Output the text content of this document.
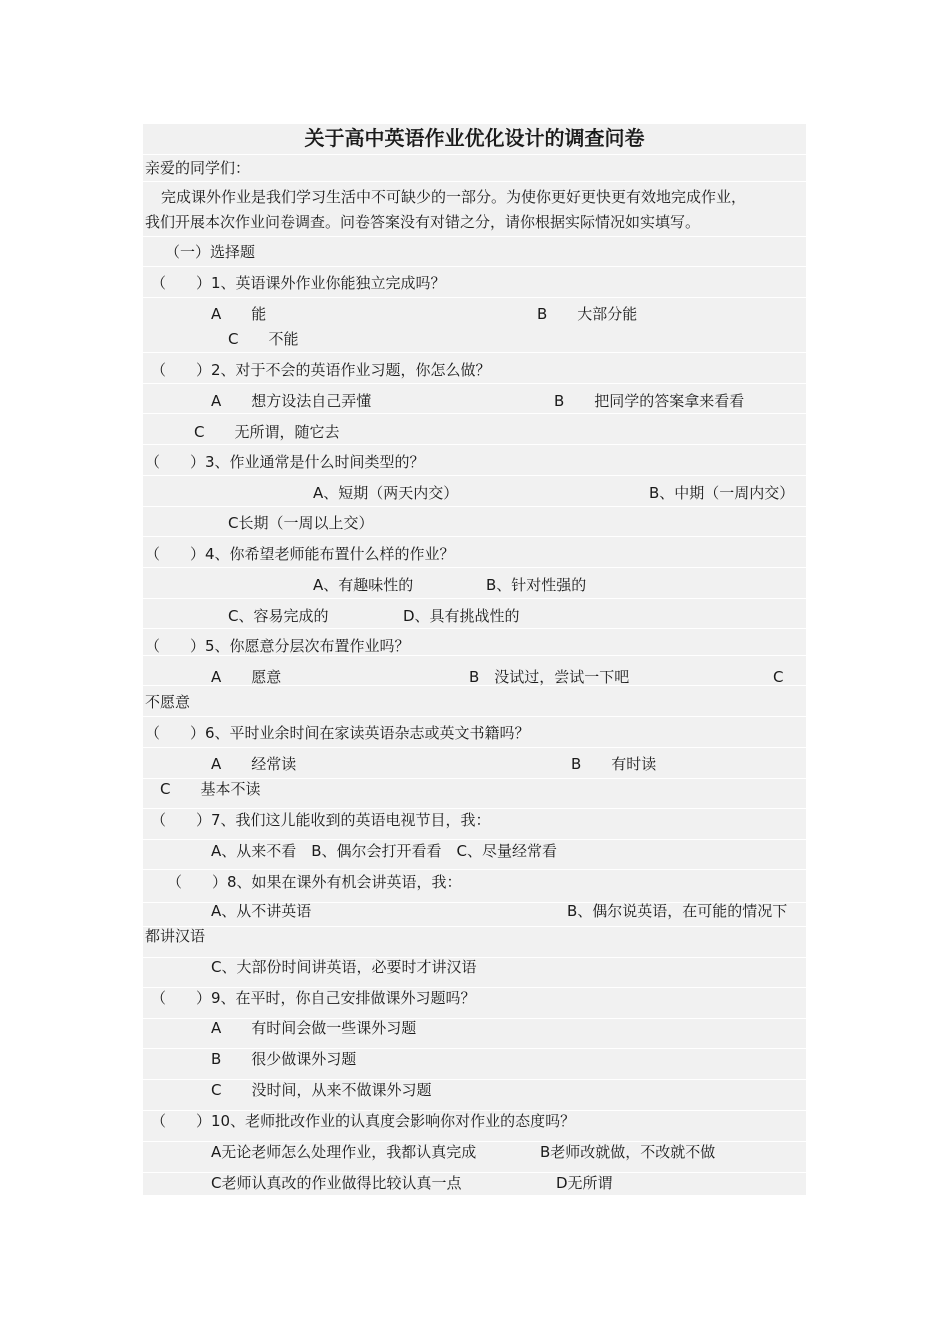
关于高中英语作业优化设计的调查问卷
亲爱的同学们：
完成课外作业是我们学习生活中不可缺少的一部分。为使你更好更快更有效地完成作业，
我们开展本次作业问卷调查。问卷答案没有对错之分，请你根据实际情况如实填写。
（一）选择题
（　　）1、英语课外作业你能独立完成吗？
A　　能	B　　大部分能
C　　不能
（　　）2、对于不会的英语作业习题，你怎么做？
A　　想方设法自己弄懂	B　　把同学的答案拿来看看
C　　无所谓，随它去
（　　）3、作业通常是什么时间类型的？
A、短期（两天内交）	B、中期（一周内交）
C长期（一周以上交）
（　　）4、你希望老师能布置什么样的作业？
A、有趣味性的	B、针对性强的
C、容易完成的	D、具有挑战性的
（　　）5、你愿意分层次布置作业吗？
A　　愿意	B　没试过，尝试一下吧	C
不愿意
（　　）6、平时业余时间在家读英语杂志或英文书籍吗？
A　　经常读	B　　有时读
C　　基本不读
（　　）7、我们这儿能收到的英语电视节目，我：
A、从来不看　B、偶尔会打开看看　C、尽量经常看
（　　）8、如果在课外有机会讲英语，我：
A、从不讲英语	B、偶尔说英语，在可能的情况下
都讲汉语
C、大部份时间讲英语，必要时才讲汉语
（　　）9、在平时，你自己安排做课外习题吗？
A　　有时间会做一些课外习题
B　　很少做课外习题
C　　没时间，从来不做课外习题
（　　）10、老师批改作业的认真度会影响你对作业的态度吗？
A无论老师怎么处理作业，我都认真完成	B老师改就做，不改就不做
C老师认真改的作业做得比较认真一点	D无所谓
